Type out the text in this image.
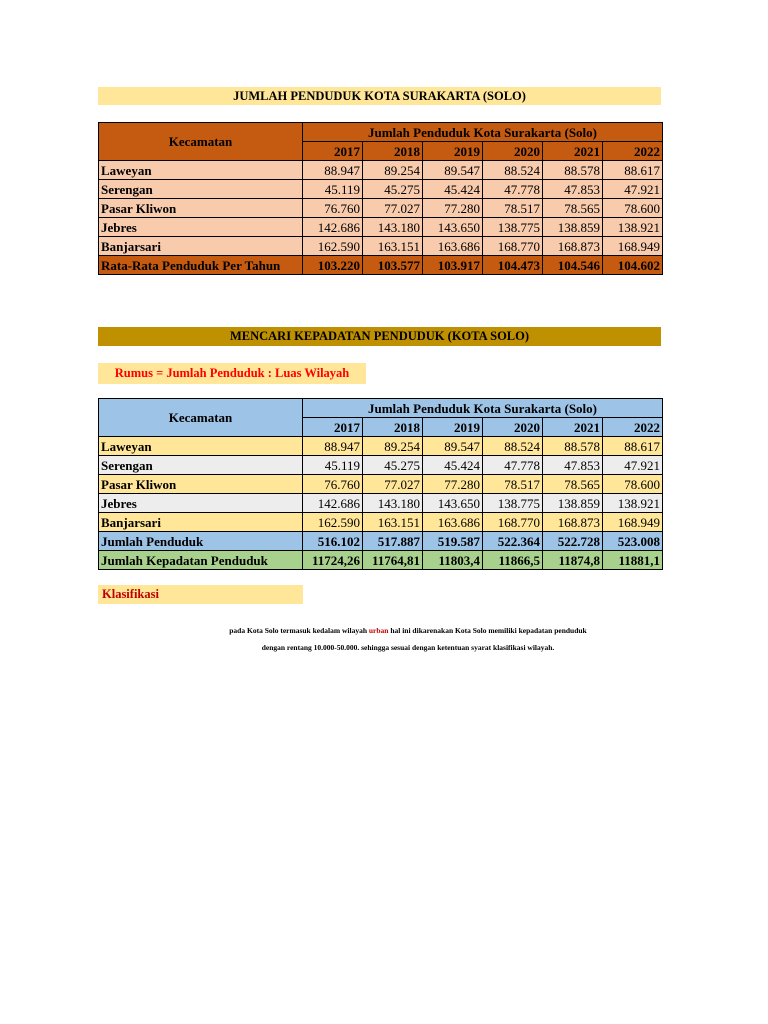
JUMLAH PENDUDUK KOTA SURAKARTA (SOLO)
Kecamatan	Jumlah Penduduk Kota Surakarta (Solo)					
	2017	2018	2019	2020	2021	2022
Laweyan	88.947	89.254	89.547	88.524	88.578	88.617
Serengan	45.119	45.275	45.424	47.778	47.853	47.921
Pasar Kliwon	76.760	77.027	77.280	78.517	78.565	78.600
Jebres	142.686	143.180	143.650	138.775	138.859	138.921
Banjarsari	162.590	163.151	163.686	168.770	168.873	168.949
Rata-Rata Penduduk Per Tahun	103.220	103.577	103.917	104.473	104.546	104.602
MENCARI KEPADATAN PENDUDUK (KOTA SOLO)
Rumus = Jumlah Penduduk : Luas Wilayah
Kecamatan	Jumlah Penduduk Kota Surakarta (Solo)					
	2017	2018	2019	2020	2021	2022
Laweyan	88.947	89.254	89.547	88.524	88.578	88.617
Serengan	45.119	45.275	45.424	47.778	47.853	47.921
Pasar Kliwon	76.760	77.027	77.280	78.517	78.565	78.600
Jebres	142.686	143.180	143.650	138.775	138.859	138.921
Banjarsari	162.590	163.151	163.686	168.770	168.873	168.949
Jumlah Penduduk	516.102	517.887	519.587	522.364	522.728	523.008
Jumlah Kepadatan Penduduk	11724,26	11764,81	11803,4	11866,5	11874,8	11881,1
Klasifikasi
pada Kota Solo termasuk kedalam wilayah urban hal ini dikarenakan Kota Solo memiliki kepadatan penduduk
dengan rentang 10.000-50.000. sehingga sesuai dengan ketentuan syarat klasifikasi wilayah.
